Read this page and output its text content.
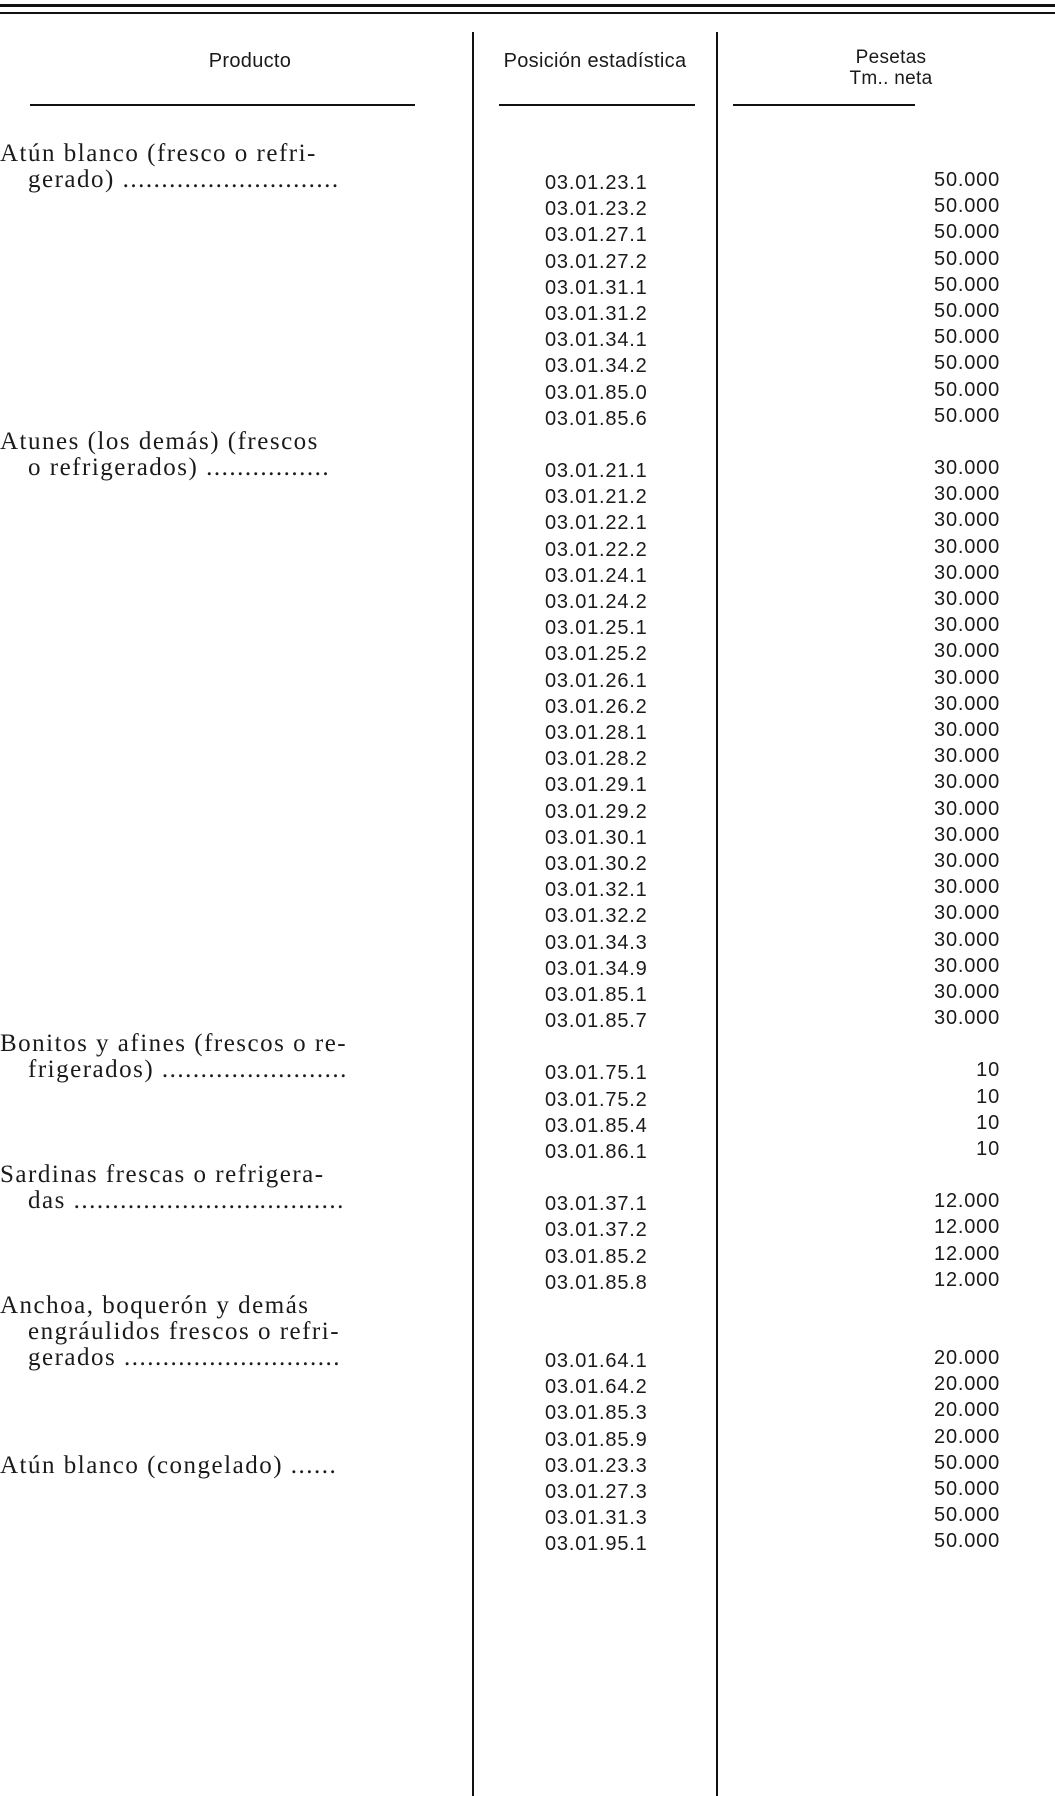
Producto	Posición estadística	Pesetas
Tm.. neta
Atún blanco (fresco o refri-
gerado) ............................	03.01.23.1	50.000
03.01.23.2	50.000
03.01.27.1	50.000
03.01.27.2	50.000
03.01.31.1	50.000
03.01.31.2	50.000
03.01.34.1	50.000
03.01.34.2	50.000
03.01.85.0	50.000
03.01.85.6	50.000
Atunes (los demás) (frescos
o refrigerados) ................	03.01.21.1	30.000
03.01.21.2	30.000
03.01.22.1	30.000
03.01.22.2	30.000
03.01.24.1	30.000
03.01.24.2	30.000
03.01.25.1	30.000
03.01.25.2	30.000
03.01.26.1	30.000
03.01.26.2	30.000
03.01.28.1	30.000
03.01.28.2	30.000
03.01.29.1	30.000
03.01.29.2	30.000
03.01.30.1	30.000
03.01.30.2	30.000
03.01.32.1	30.000
03.01.32.2	30.000
03.01.34.3	30.000
03.01.34.9	30.000
03.01.85.1	30.000
03.01.85.7	30.000
Bonitos y afines (frescos o re-
frigerados) ........................	03.01.75.1	10
03.01.75.2	10
03.01.85.4	10
03.01.86.1	10
Sardinas frescas o refrigera-
das ...................................	03.01.37.1	12.000
03.01.37.2	12.000
03.01.85.2	12.000
03.01.85.8	12.000
Anchoa, boquerón y demás
engráulidos frescos o refri-
gerados ............................	03.01.64.1	20.000
03.01.64.2	20.000
03.01.85.3	20.000
03.01.85.9	20.000
Atún blanco (congelado) ......	03.01.23.3	50.000
03.01.27.3	50.000
03.01.31.3	50.000
03.01.95.1	50.000
